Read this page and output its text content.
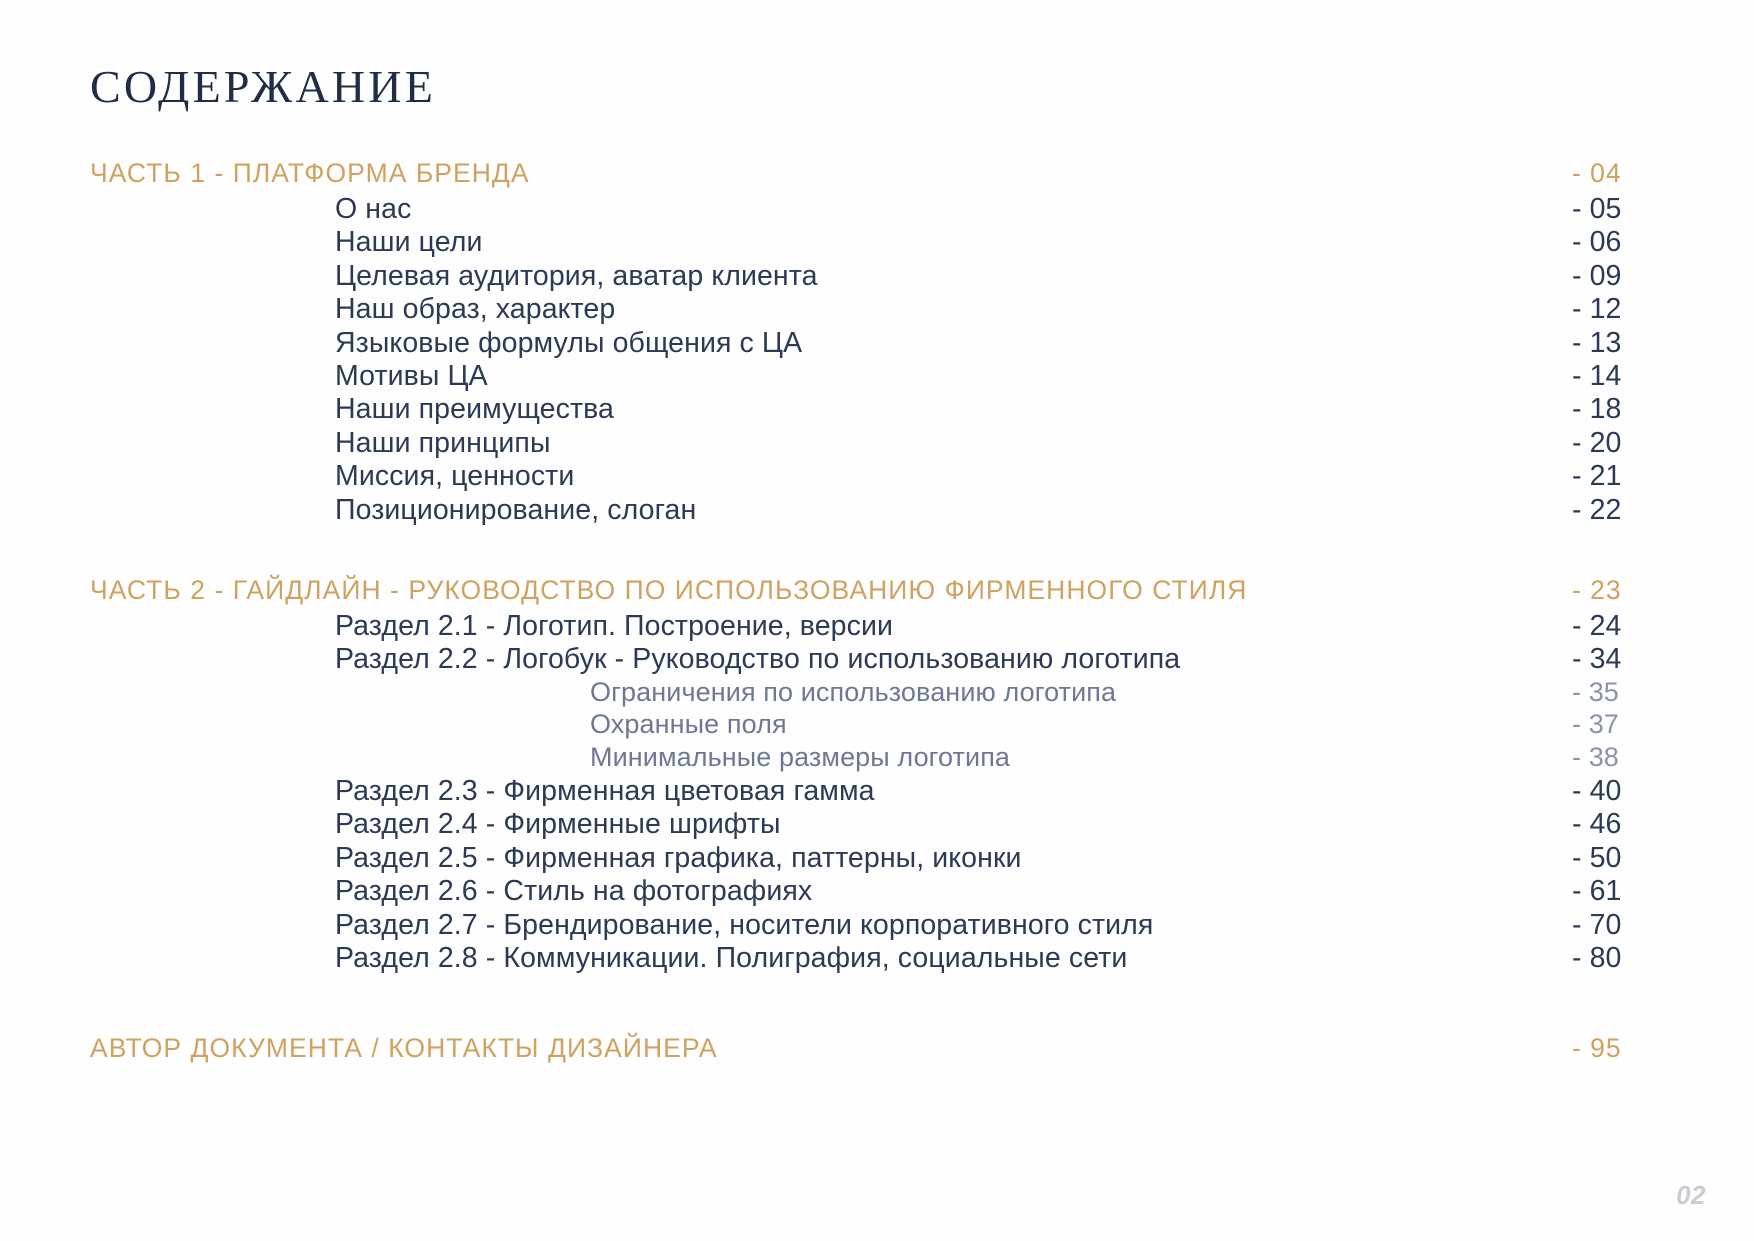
СОДЕРЖАНИЕ
ЧАСТЬ 1 - ПЛАТФОРМА БРЕНДА	- 04
О нас	- 05
Наши цели	- 06
Целевая аудитория, аватар клиента	- 09
Наш образ, характер	- 12
Языковые формулы общения с ЦА	- 13
Мотивы ЦА	- 14
Наши преимущества	- 18
Наши принципы	- 20
Миссия, ценности	- 21
Позиционирование, слоган	- 22
ЧАСТЬ 2 - ГАЙДЛАЙН - РУКОВОДСТВО ПО ИСПОЛЬЗОВАНИЮ ФИРМЕННОГО СТИЛЯ	- 23
Раздел 2.1 - Логотип. Построение, версии	- 24
Раздел 2.2 - Логобук - Руководство по использованию логотипа	- 34
Ограничения по использованию логотипа	- 35
Охранные поля	- 37
Минимальные размеры логотипа	- 38
Раздел 2.3 - Фирменная цветовая гамма	- 40
Раздел 2.4 - Фирменные шрифты	- 46
Раздел 2.5 - Фирменная графика, паттерны, иконки	- 50
Раздел 2.6 - Стиль на фотографиях	- 61
Раздел 2.7 - Брендирование, носители корпоративного стиля	- 70
Раздел 2.8 - Коммуникации. Полиграфия, социальные сети	- 80
АВТОР ДОКУМЕНТА / КОНТАКТЫ ДИЗАЙНЕРА	- 95
02
